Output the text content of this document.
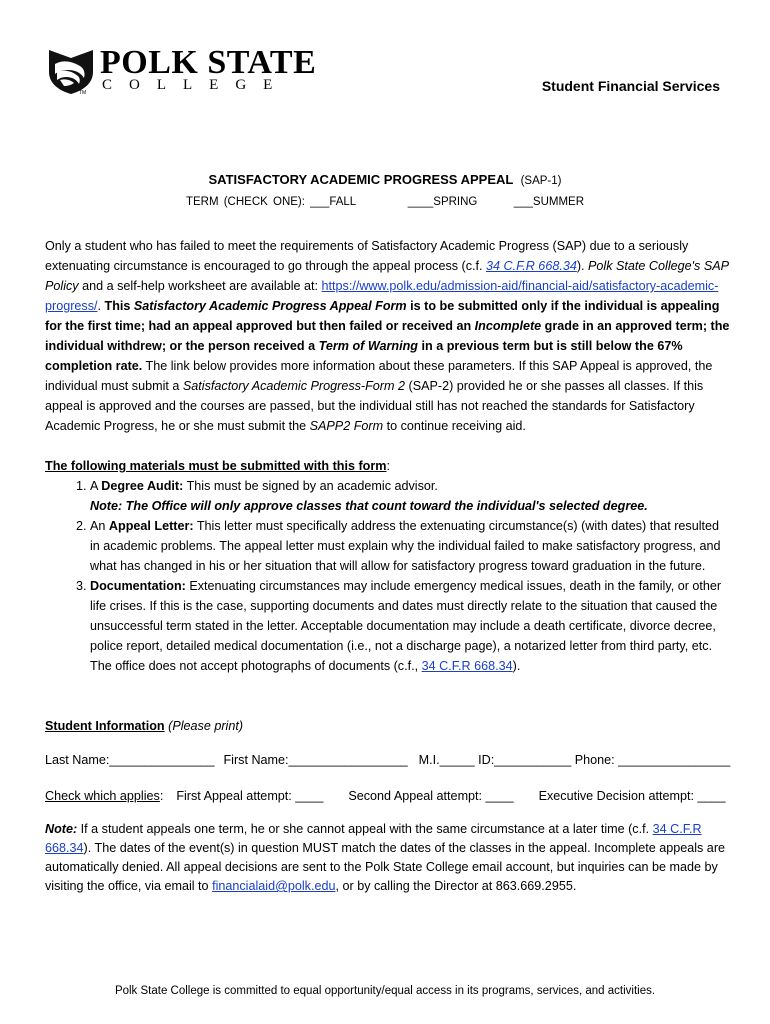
POLK STATE
COLLEGE
TM	Student Financial Services
SATISFACTORY ACADEMIC PROGRESS APPEAL (SAP-1)
TERM (CHECK ONE): ___FALL          ____SPRING       ___SUMMER
Only a student who has failed to meet the requirements of Satisfactory Academic Progress (SAP) due to a seriously extenuating circumstance is encouraged to go through the appeal process (c.f. 34 C.F.R 668.34). Polk State College's SAP Policy and a self-help worksheet are available at: https://www.polk.edu/admission-aid/financial-aid/satisfactory-academic-progress/. This Satisfactory Academic Progress Appeal Form is to be submitted only if the individual is appealing for the first time; had an appeal approved but then failed or received an Incomplete grade in an approved term; the individual withdrew; or the person received a Term of Warning in a previous term but is still below the 67% completion rate. The link below provides more information about these parameters. If this SAP Appeal is approved, the individual must submit a Satisfactory Academic Progress-Form 2 (SAP-2) provided he or she passes all classes. If this appeal is approved and the courses are passed, but the individual still has not reached the standards for Satisfactory Academic Progress, he or she must submit the SAPP2 Form to continue receiving aid.
The following materials must be submitted with this form:
1. A Degree Audit: This must be signed by an academic advisor.
Note: The Office will only approve classes that count toward the individual's selected degree.
2. An Appeal Letter: This letter must specifically address the extenuating circumstance(s) (with dates) that resulted in academic problems. The appeal letter must explain why the individual failed to make satisfactory progress, and what has changed in his or her situation that will allow for satisfactory progress toward graduation in the future.
3. Documentation: Extenuating circumstances may include emergency medical issues, death in the family, or other life crises. If this is the case, supporting documents and dates must directly relate to the situation that caused the unsuccessful term stated in the letter. Acceptable documentation may include a death certificate, divorce decree, police report, detailed medical documentation (i.e., not a discharge page), a notarized letter from third party, etc. The office does not accept photographs of documents (c.f., 34 C.F.R 668.34).
Student Information (Please print)
Last Name:_______________ First Name:_________________ M.I._____ ID:___________ Phone: ________________
Check which applies: First Appeal attempt: ____ Second Appeal attempt: ____ Executive Decision attempt: ____
Note: If a student appeals one term, he or she cannot appeal with the same circumstance at a later time (c.f. 34 C.F.R 668.34). The dates of the event(s) in question MUST match the dates of the classes in the appeal. Incomplete appeals are automatically denied. All appeal decisions are sent to the Polk State College email account, but inquiries can be made by visiting the office, via email to financialaid@polk.edu, or by calling the Director at 863.669.2955.
Polk State College is committed to equal opportunity/equal access in its programs, services, and activities.
